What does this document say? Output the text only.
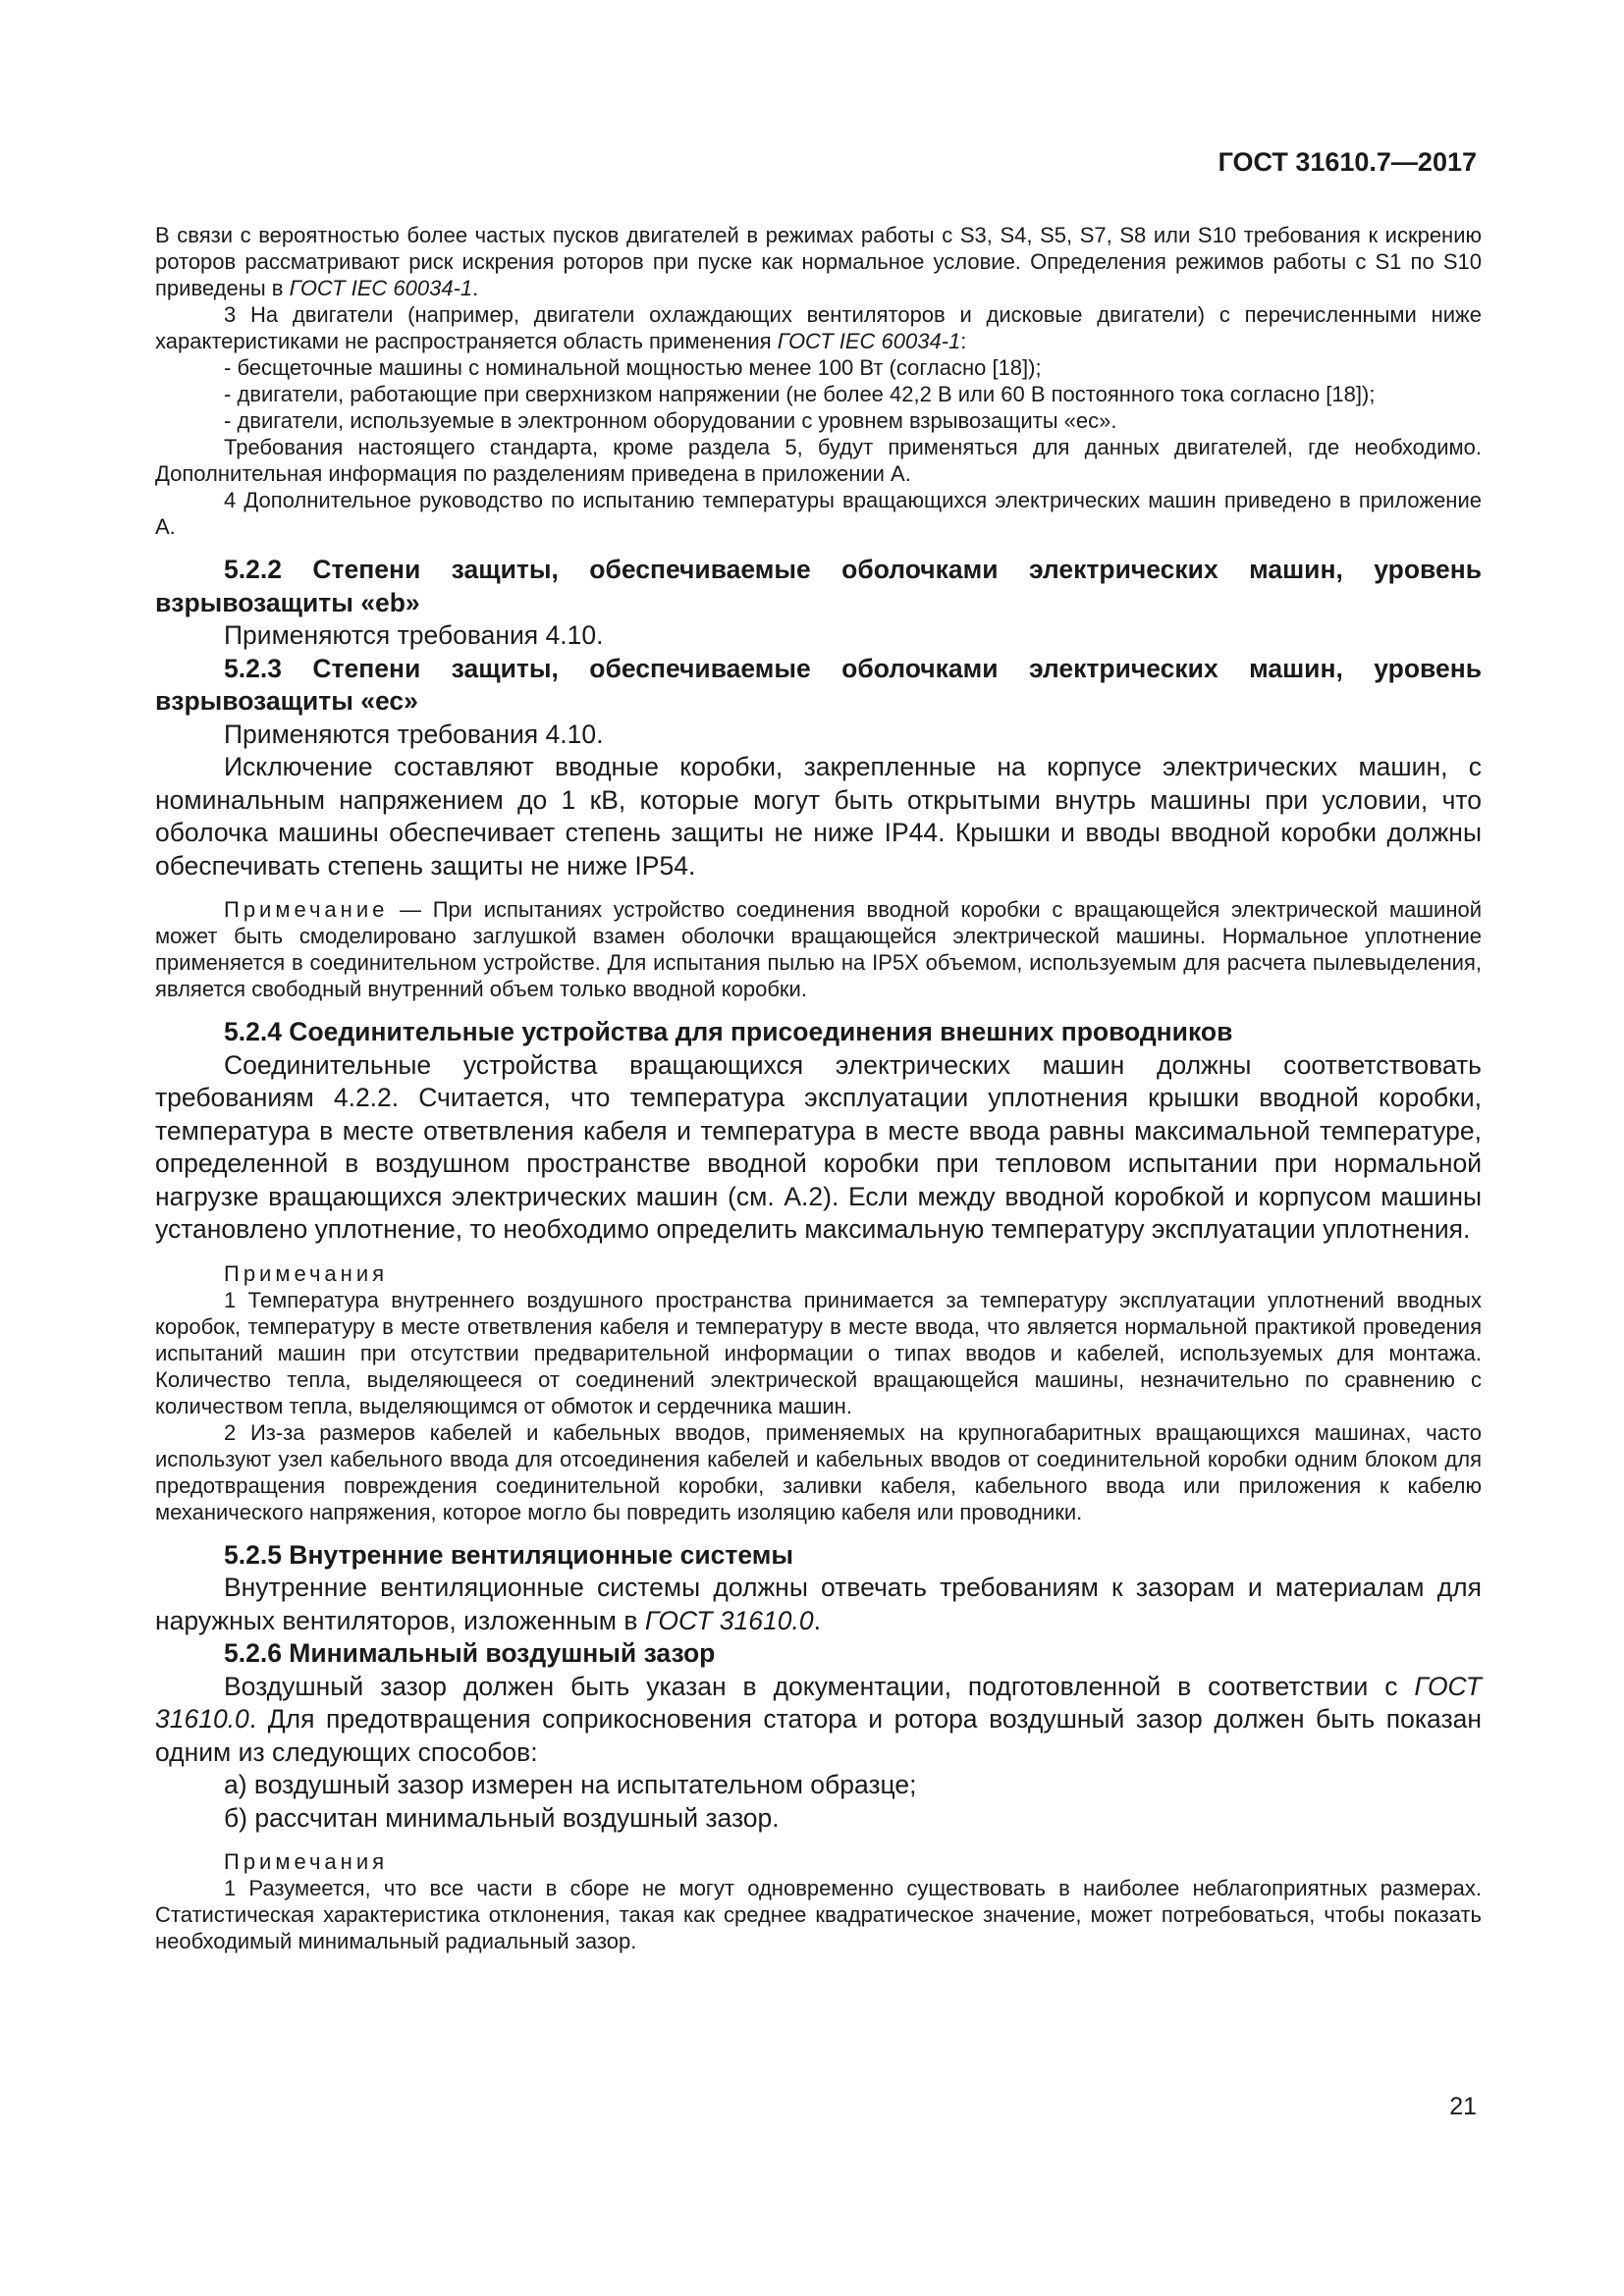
ГОСТ 31610.7—2017

В связи с вероятностью более частых пусков двигателей в режимах работы с S3, S4, S5, S7, S8 или S10 требования к искрению роторов рассматривают риск искрения роторов при пуске как нормальное условие. Определения режимов работы с S1 по S10 приведены в ГОСТ IEC 60034-1.

3 На двигатели (например, двигатели охлаждающих вентиляторов и дисковые двигатели) с перечисленными ниже характеристиками не распространяется область применения ГОСТ IEC 60034-1:

- бесщеточные машины с номинальной мощностью менее 100 Вт (согласно [18]);

- двигатели, работающие при сверхнизком напряжении (не более 42,2 В или 60 В постоянного тока согласно [18]);

- двигатели, используемые в электронном оборудовании с уровнем взрывозащиты «ес».

Требования настоящего стандарта, кроме раздела 5, будут применяться для данных двигателей, где необходимо. Дополнительная информация по разделениям приведена в приложении А.

4 Дополнительное руководство по испытанию температуры вращающихся электрических машин приведено в приложение А.

5.2.2 Степени защиты, обеспечиваемые оболочками электрических машин, уровень взрывозащиты «eb»

Применяются требования 4.10.

5.2.3 Степени защиты, обеспечиваемые оболочками электрических машин, уровень взрывозащиты «ес»

Применяются требования 4.10.

Исключение составляют вводные коробки, закрепленные на корпусе электрических машин, с номинальным напряжением до 1 кВ, которые могут быть открытыми внутрь машины при условии, что оболочка машины обеспечивает степень защиты не ниже IP44. Крышки и вводы вводной коробки должны обеспечивать степень защиты не ниже IP54.

Примечание — При испытаниях устройство соединения вводной коробки с вращающейся электрической машиной может быть смоделировано заглушкой взамен оболочки вращающейся электрической машины. Нормальное уплотнение применяется в соединительном устройстве. Для испытания пылью на IP5X объемом, используемым для расчета пылевыделения, является свободный внутренний объем только вводной коробки.

5.2.4 Соединительные устройства для присоединения внешних проводников

Соединительные устройства вращающихся электрических машин должны соответствовать требованиям 4.2.2. Считается, что температура эксплуатации уплотнения крышки вводной коробки, температура в месте ответвления кабеля и температура в месте ввода равны максимальной температуре, определенной в воздушном пространстве вводной коробки при тепловом испытании при нормальной нагрузке вращающихся электрических машин (см. А.2). Если между вводной коробкой и корпусом машины установлено уплотнение, то необходимо определить максимальную температуру эксплуатации уплотнения.

Примечания

1 Температура внутреннего воздушного пространства принимается за температуру эксплуатации уплотнений вводных коробок, температуру в месте ответвления кабеля и температуру в месте ввода, что является нормальной практикой проведения испытаний машин при отсутствии предварительной информации о типах вводов и кабелей, используемых для монтажа. Количество тепла, выделяющееся от соединений электрической вращающейся машины, незначительно по сравнению с количеством тепла, выделяющимся от обмоток и сердечника машин.

2 Из-за размеров кабелей и кабельных вводов, применяемых на крупногабаритных вращающихся машинах, часто используют узел кабельного ввода для отсоединения кабелей и кабельных вводов от соединительной коробки одним блоком для предотвращения повреждения соединительной коробки, заливки кабеля, кабельного ввода или приложения к кабелю механического напряжения, которое могло бы повредить изоляцию кабеля или проводники.

5.2.5 Внутренние вентиляционные системы

Внутренние вентиляционные системы должны отвечать требованиям к зазорам и материалам для наружных вентиляторов, изложенным в ГОСТ 31610.0.

5.2.6 Минимальный воздушный зазор

Воздушный зазор должен быть указан в документации, подготовленной в соответствии с ГОСТ 31610.0. Для предотвращения соприкосновения статора и ротора воздушный зазор должен быть показан одним из следующих способов:

а) воздушный зазор измерен на испытательном образце;

б) рассчитан минимальный воздушный зазор.

Примечания

1 Разумеется, что все части в сборе не могут одновременно существовать в наиболее неблагоприятных размерах. Статистическая характеристика отклонения, такая как среднее квадратическое значение, может потребоваться, чтобы показать необходимый минимальный радиальный зазор.

21
